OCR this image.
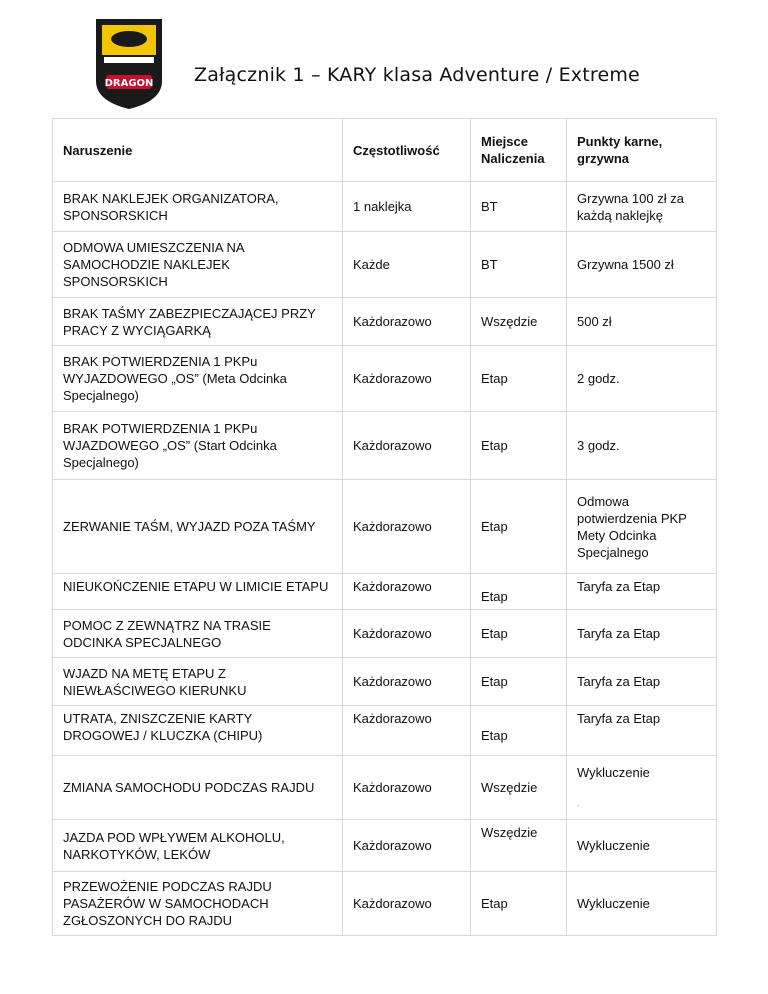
DRAGON Załącznik 1 – KARY klasa Adventure / Extreme
Naruszenie	Częstotliwość	Miejsce Naliczenia	Punkty karne, grzywna
BRAK NAKLEJEK ORGANIZATORA, SPONSORSKICH	1 naklejka	BT	Grzywna 100 zł za każdą naklejkę
ODMOWA UMIESZCZENIA NA SAMOCHODZIE NAKLEJEK SPONSORSKICH	Każde	BT	Grzywna 1500 zł
BRAK TAŚMY ZABEZPIECZAJĄCEJ PRZY PRACY Z WYCIĄGARKĄ	Każdorazowo	Wszędzie	500 zł
BRAK POTWIERDZENIA 1 PKPu WYJAZDOWEGO „OS” (Meta Odcinka Specjalnego)	Każdorazowo	Etap	2 godz.
BRAK POTWIERDZENIA 1 PKPu WJAZDOWEGO „OS” (Start Odcinka Specjalnego)	Każdorazowo	Etap	3 godz.
ZERWANIE TAŚM, WYJAZD POZA TAŚMY	Każdorazowo	Etap	Odmowa potwierdzenia PKP Mety Odcinka Specjalnego
NIEUKOŃCZENIE ETAPU W LIMICIE ETAPU	Każdorazowo	Etap	Taryfa za Etap
POMOC Z ZEWNĄTRZ NA TRASIE ODCINKA SPECJALNEGO	Każdorazowo	Etap	Taryfa za Etap
WJAZD NA METĘ ETAPU Z NIEWŁAŚCIWEGO KIERUNKU	Każdorazowo	Etap	Taryfa za Etap
UTRATA, ZNISZCZENIE KARTY DROGOWEJ / KLUCZKA (CHIPU)	Każdorazowo	Etap	Taryfa za Etap
ZMIANA SAMOCHODU PODCZAS RAJDU	Każdorazowo	Wszędzie	Wykluczenie
.

JAZDA POD WPŁYWEM ALKOHOLU, NARKOTYKÓW, LEKÓW	Każdorazowo	Wszędzie	Wykluczenie
PRZEWOŻENIE PODCZAS RAJDU PASAŻERÓW W SAMOCHODACH ZGŁOSZONYCH DO RAJDU	Każdorazowo	Etap	Wykluczenie
